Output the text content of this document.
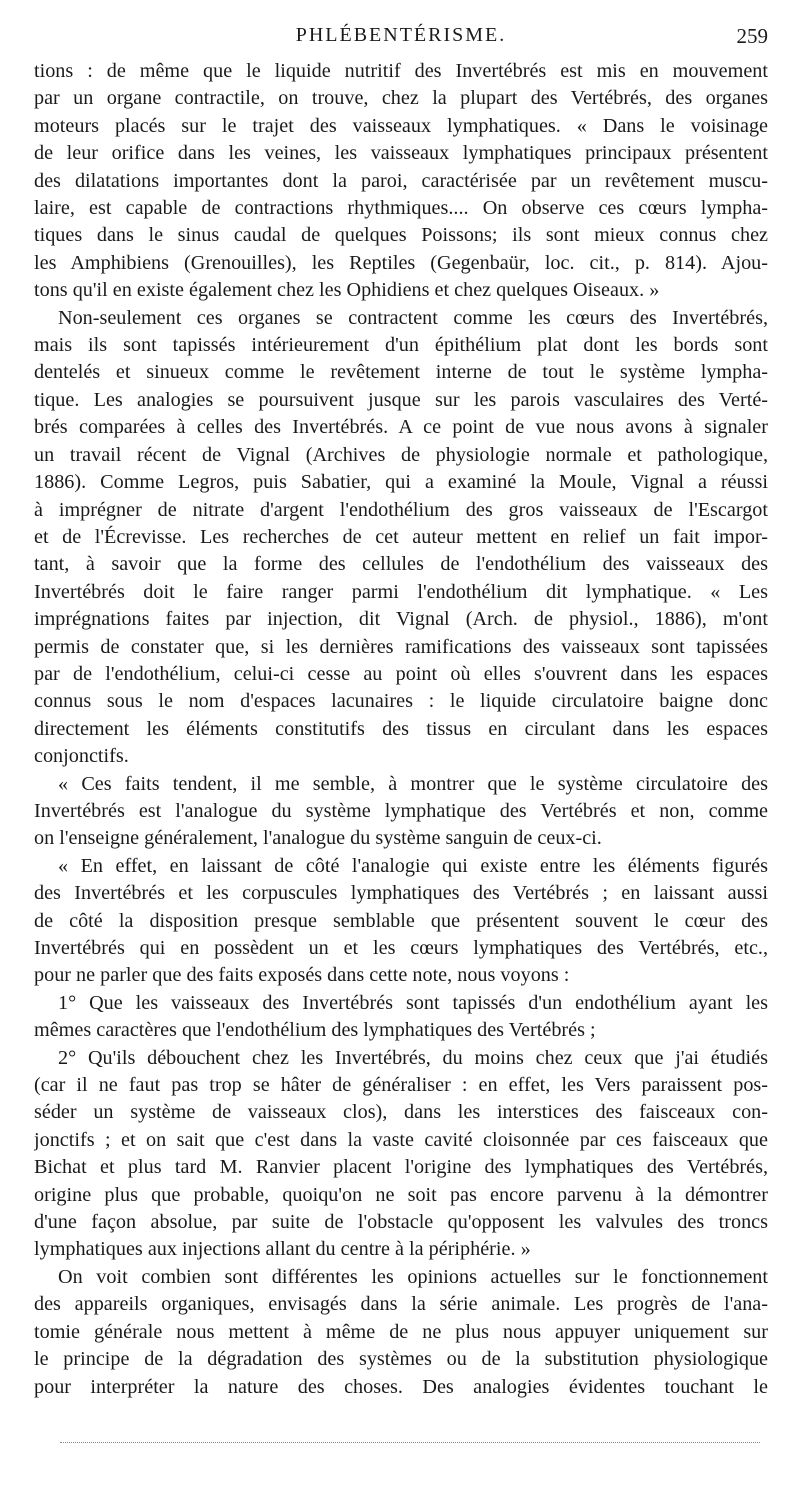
PHLÉBENTÉRISME.	259
tions : de même que le liquide nutritif des Invertébrés est mis en mouvement
par un organe contractile, on trouve, chez la plupart des Vertébrés, des organes
moteurs placés sur le trajet des vaisseaux lymphatiques. « Dans le voisinage
de leur orifice dans les veines, les vaisseaux lymphatiques principaux présentent
des dilatations importantes dont la paroi, caractérisée par un revêtement muscu-
laire, est capable de contractions rhythmiques.... On observe ces cœurs lympha-
tiques dans le sinus caudal de quelques Poissons; ils sont mieux connus chez
les Amphibiens (Grenouilles), les Reptiles (Gegenbaür, loc. cit., p. 814). Ajou-
tons qu'il en existe également chez les Ophidiens et chez quelques Oiseaux. »
Non-seulement ces organes se contractent comme les cœurs des Invertébrés,
mais ils sont tapissés intérieurement d'un épithélium plat dont les bords sont
dentelés et sinueux comme le revêtement interne de tout le système lympha-
tique. Les analogies se poursuivent jusque sur les parois vasculaires des Verté-
brés comparées à celles des Invertébrés. A ce point de vue nous avons à signaler
un travail récent de Vignal (Archives de physiologie normale et pathologique,
1886). Comme Legros, puis Sabatier, qui a examiné la Moule, Vignal a réussi
à imprégner de nitrate d'argent l'endothélium des gros vaisseaux de l'Escargot
et de l'Écrevisse. Les recherches de cet auteur mettent en relief un fait impor-
tant, à savoir que la forme des cellules de l'endothélium des vaisseaux des
Invertébrés doit le faire ranger parmi l'endothélium dit lymphatique. « Les
imprégnations faites par injection, dit Vignal (Arch. de physiol., 1886), m'ont
permis de constater que, si les dernières ramifications des vaisseaux sont tapissées
par de l'endothélium, celui-ci cesse au point où elles s'ouvrent dans les espaces
connus sous le nom d'espaces lacunaires : le liquide circulatoire baigne donc
directement les éléments constitutifs des tissus en circulant dans les espaces
conjonctifs.
« Ces faits tendent, il me semble, à montrer que le système circulatoire des
Invertébrés est l'analogue du système lymphatique des Vertébrés et non, comme
on l'enseigne généralement, l'analogue du système sanguin de ceux-ci.
« En effet, en laissant de côté l'analogie qui existe entre les éléments figurés
des Invertébrés et les corpuscules lymphatiques des Vertébrés ; en laissant aussi
de côté la disposition presque semblable que présentent souvent le cœur des
Invertébrés qui en possèdent un et les cœurs lymphatiques des Vertébrés, etc.,
pour ne parler que des faits exposés dans cette note, nous voyons :
1° Que les vaisseaux des Invertébrés sont tapissés d'un endothélium ayant les
mêmes caractères que l'endothélium des lymphatiques des Vertébrés ;
2° Qu'ils débouchent chez les Invertébrés, du moins chez ceux que j'ai étudiés
(car il ne faut pas trop se hâter de généraliser : en effet, les Vers paraissent pos-
séder un système de vaisseaux clos), dans les interstices des faisceaux con-
jonctifs ; et on sait que c'est dans la vaste cavité cloisonnée par ces faisceaux que
Bichat et plus tard M. Ranvier placent l'origine des lymphatiques des Vertébrés,
origine plus que probable, quoiqu'on ne soit pas encore parvenu à la démontrer
d'une façon absolue, par suite de l'obstacle qu'opposent les valvules des troncs
lymphatiques aux injections allant du centre à la périphérie. »
On voit combien sont différentes les opinions actuelles sur le fonctionnement
des appareils organiques, envisagés dans la série animale. Les progrès de l'ana-
tomie générale nous mettent à même de ne plus nous appuyer uniquement sur
le principe de la dégradation des systèmes ou de la substitution physiologique
pour interpréter la nature des choses. Des analogies évidentes touchant le
